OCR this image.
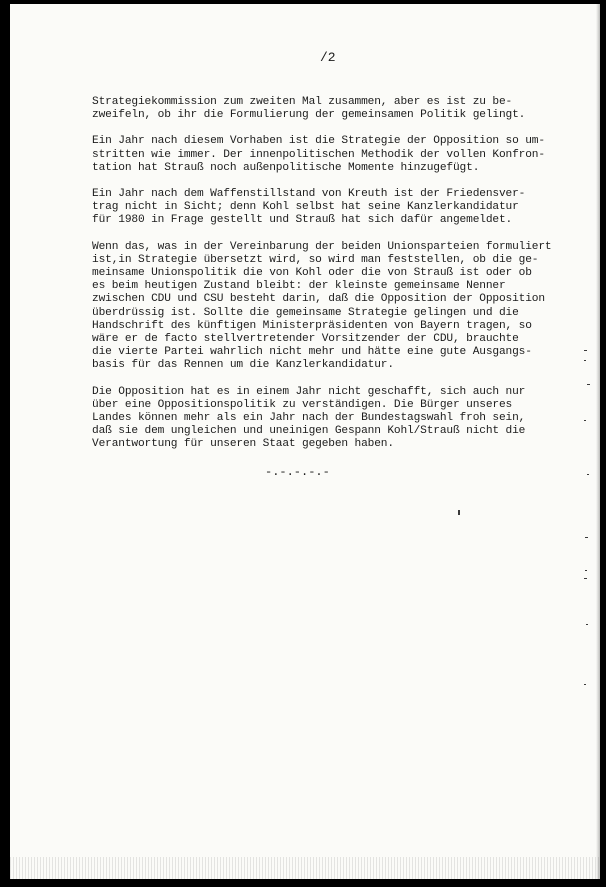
/2
Strategiekommission zum zweiten Mal zusammen, aber es ist zu be-
zweifeln, ob ihr die Formulierung der gemeinsamen Politik gelingt.
Ein Jahr nach diesem Vorhaben ist die Strategie der Opposition so um-
stritten wie immer. Der innenpolitischen Methodik der vollen Konfron-
tation hat Strauß noch außenpolitische Momente hinzugefügt.
Ein Jahr nach dem Waffenstillstand von Kreuth ist der Friedensver-
trag nicht in Sicht; denn Kohl selbst hat seine Kanzlerkandidatur
für 1980 in Frage gestellt und Strauß hat sich dafür angemeldet.
Wenn das, was in der Vereinbarung der beiden Unionsparteien formuliert
ist,in Strategie übersetzt wird, so wird man feststellen, ob die ge-
meinsame Unionspolitik die von Kohl oder die von Strauß ist oder ob
es beim heutigen Zustand bleibt: der kleinste gemeinsame Nenner
zwischen CDU und CSU besteht darin, daß die Opposition der Opposition
überdrüssig ist. Sollte die gemeinsame Strategie gelingen und die
Handschrift des künftigen Ministerpräsidenten von Bayern tragen, so
wäre er de facto stellvertretender Vorsitzender der CDU, brauchte
die vierte Partei wahrlich nicht mehr und hätte eine gute Ausgangs-
basis für das Rennen um die Kanzlerkandidatur.
Die Opposition hat es in einem Jahr nicht geschafft, sich auch nur
über eine Oppositionspolitik zu verständigen. Die Bürger unseres
Landes können mehr als ein Jahr nach der Bundestagswahl froh sein,
daß sie dem ungleichen und uneinigen Gespann Kohl/Strauß nicht die
Verantwortung für unseren Staat gegeben haben.
-.-.-.-.-
